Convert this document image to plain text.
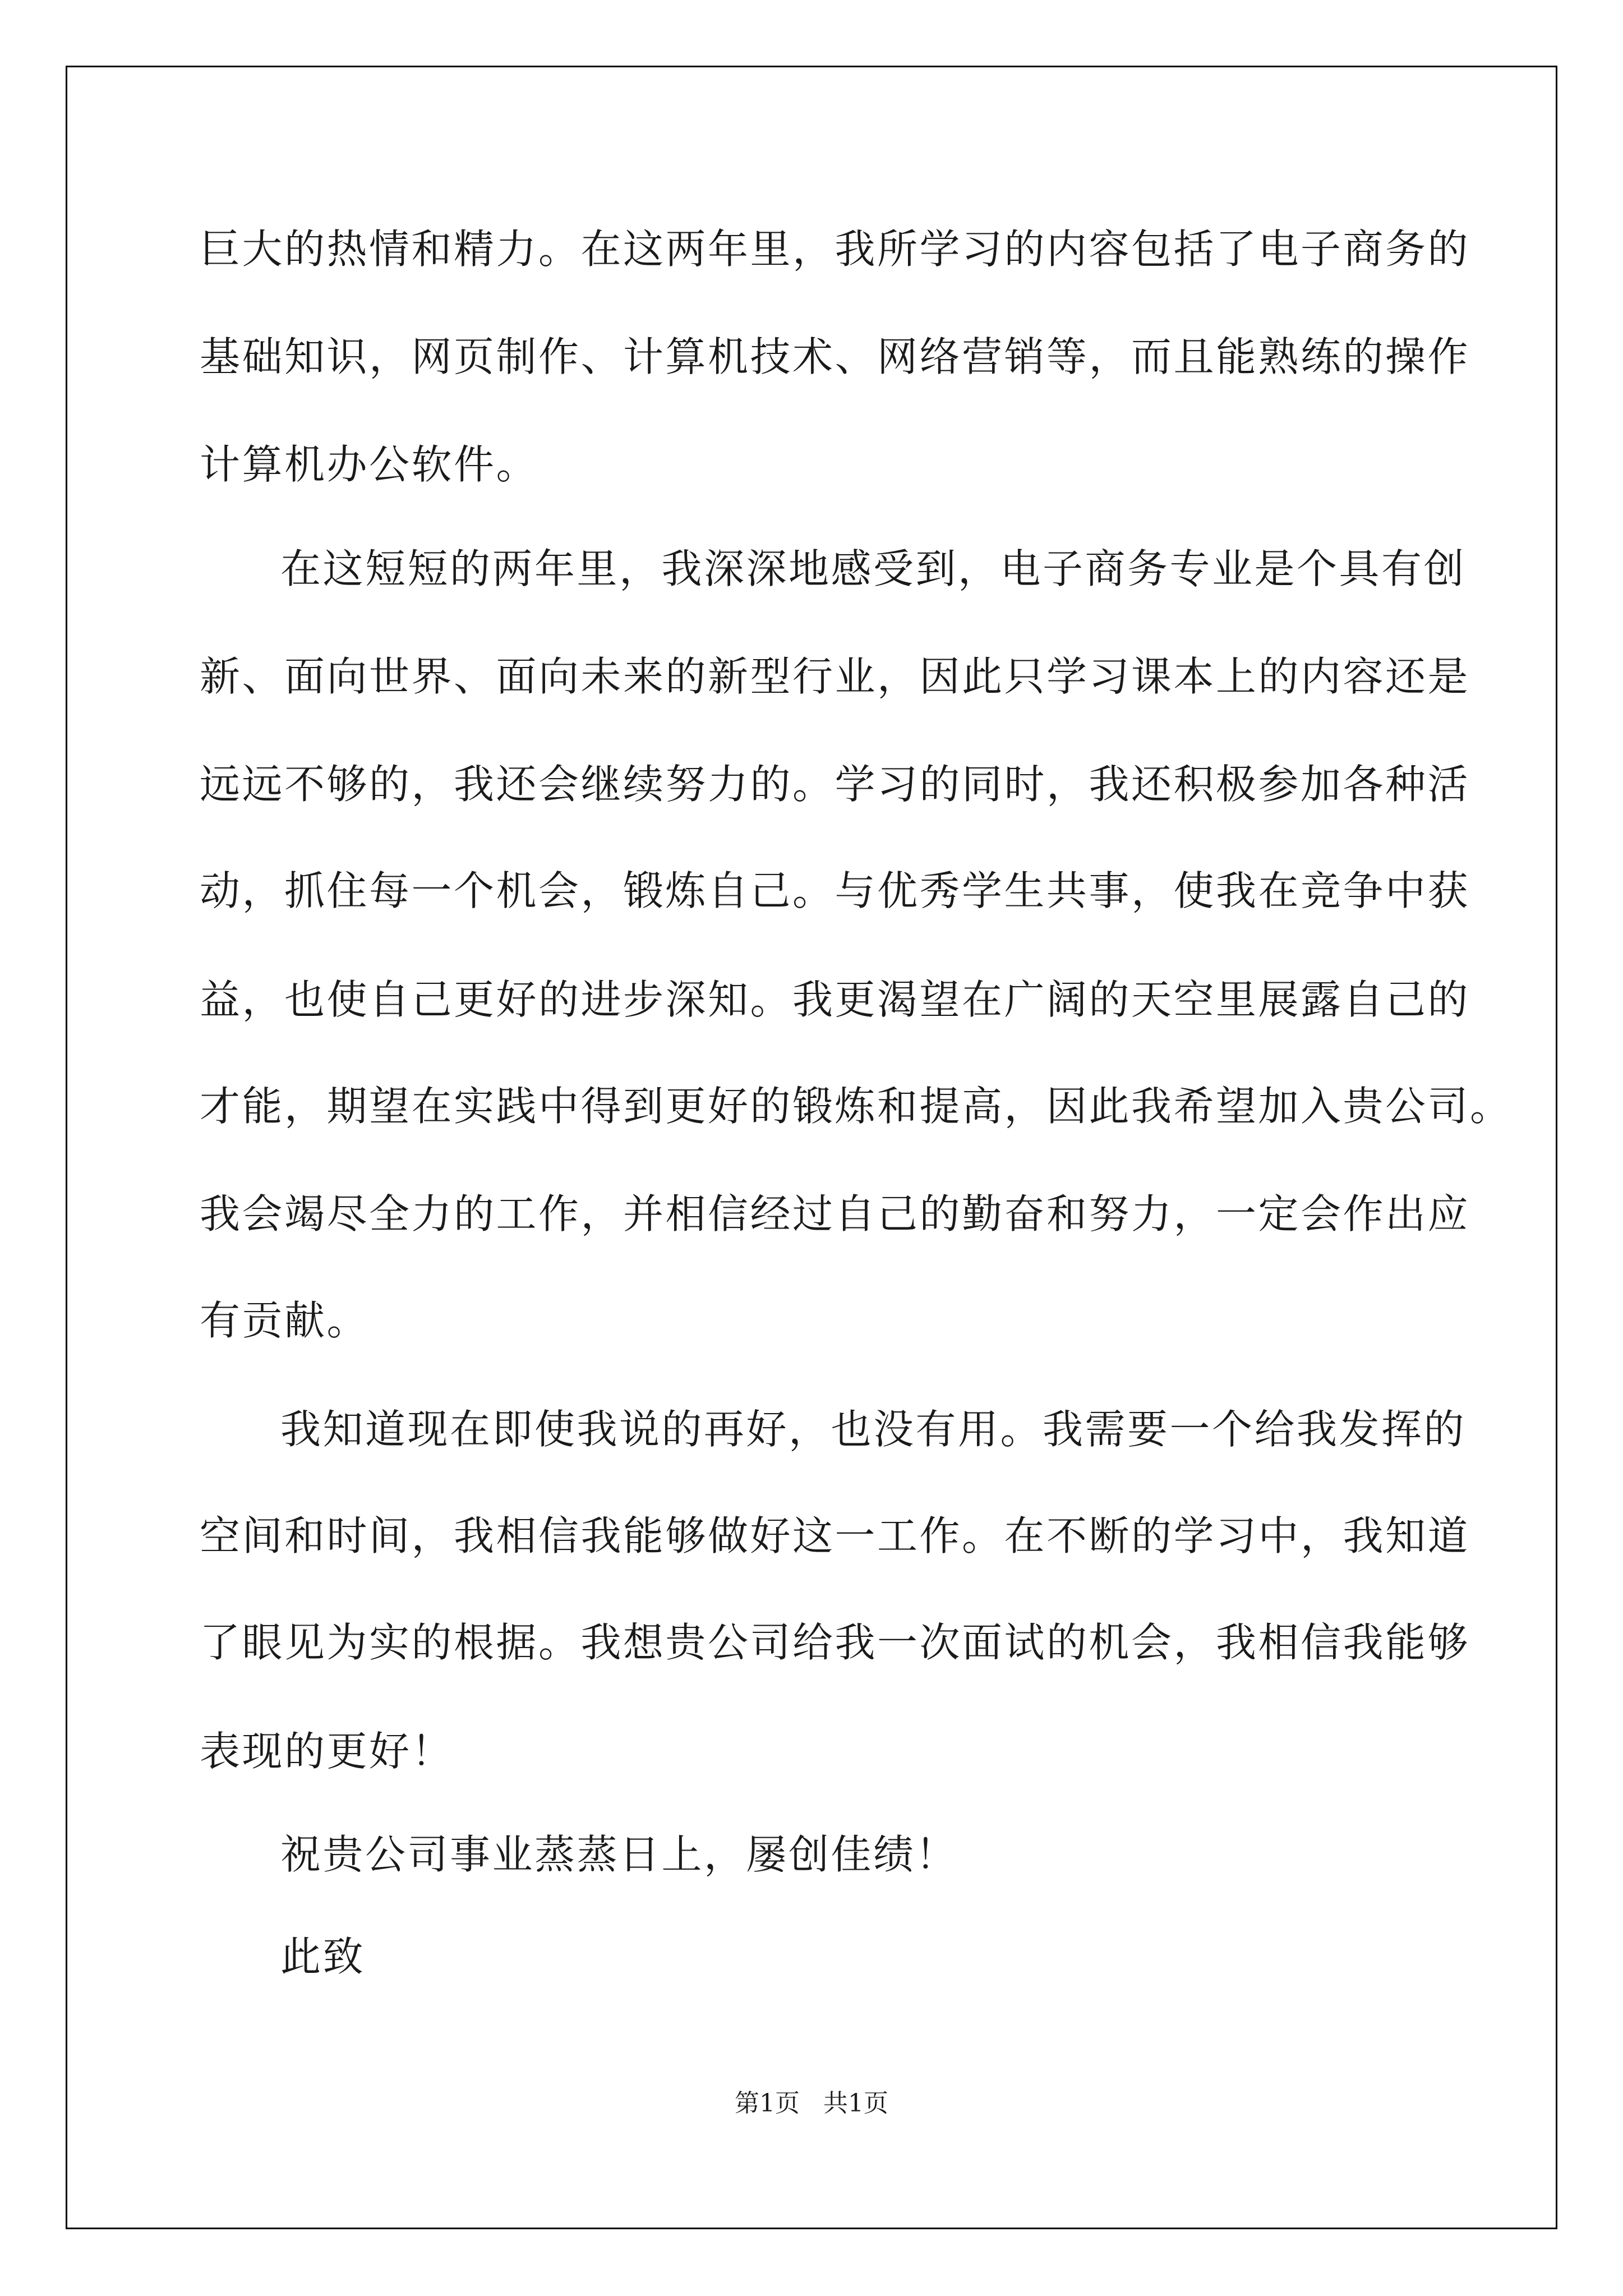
巨大的热情和精力。在这两年里，我所学习的内容包括了电子商务的
基础知识，网页制作、计算机技术、网络营销等，而且能熟练的操作
计算机办公软件。
在这短短的两年里，我深深地感受到，电子商务专业是个具有创
新、面向世界、面向未来的新型行业，因此只学习课本上的内容还是
远远不够的，我还会继续努力的。学习的同时，我还积极参加各种活
动，抓住每一个机会，锻炼自己。与优秀学生共事，使我在竞争中获
益，也使自己更好的进步深知。我更渴望在广阔的天空里展露自己的
才能，期望在实践中得到更好的锻炼和提高，因此我希望加入贵公司。
我会竭尽全力的工作，并相信经过自己的勤奋和努力，一定会作出应
有贡献。
我知道现在即使我说的再好，也没有用。我需要一个给我发挥的
空间和时间，我相信我能够做好这一工作。在不断的学习中，我知道
了眼见为实的根据。我想贵公司给我一次面试的机会，我相信我能够
表现的更好！
祝贵公司事业蒸蒸日上，屡创佳绩！
此致
第1页   共1页
